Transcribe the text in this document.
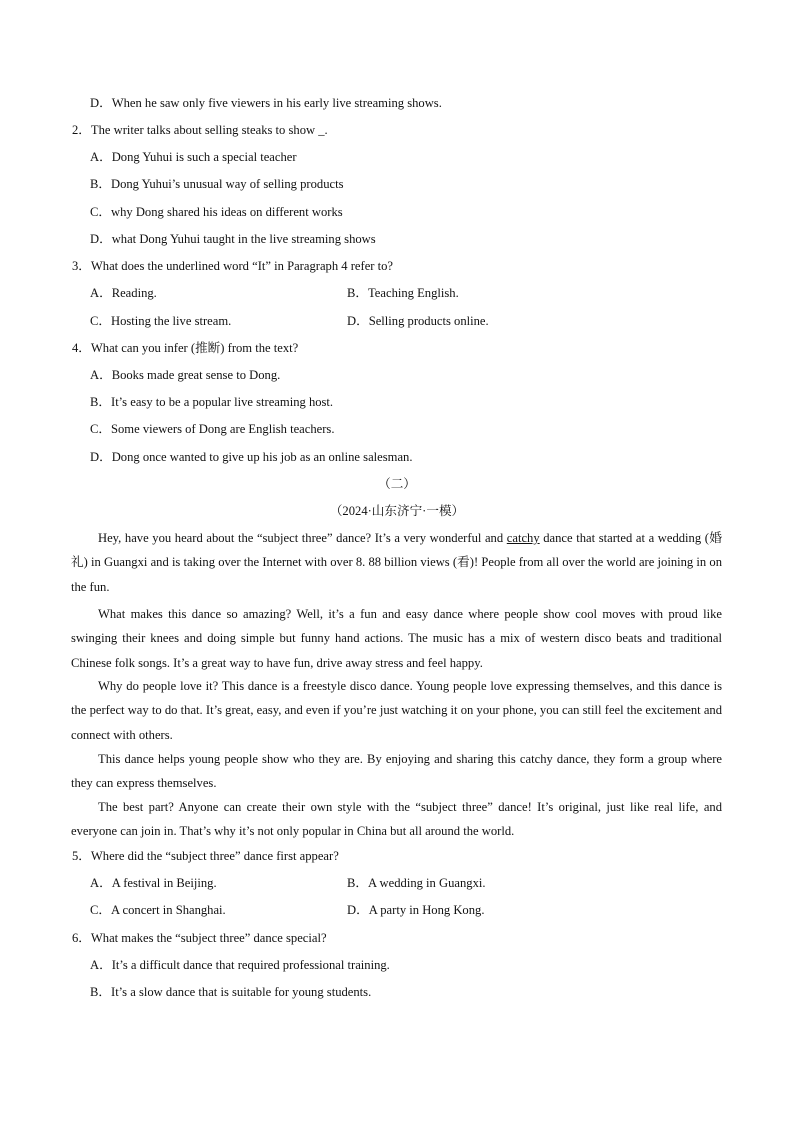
D．When he saw only five viewers in his early live streaming shows.
2．The writer talks about selling steaks to show _.
A．Dong Yuhui is such a special teacher
B．Dong Yuhui’s unusual way of selling products
C．why Dong shared his ideas on different works
D．what Dong Yuhui taught in the live streaming shows
3．What does the underlined word “It” in Paragraph 4 refer to?
A．Reading.	B．Teaching English.
C．Hosting the live stream.	D．Selling products online.
4．What can you infer (推断) from the text?
A．Books made great sense to Dong.
B．It’s easy to be a popular live streaming host.
C．Some viewers of Dong are English teachers.
D．Dong once wanted to give up his job as an online salesman.
（二）
（2024·山东济宁·一模）
Hey, have you heard about the “subject three” dance? It’s a very wonderful and catchy dance that started at a wedding (婚礼) in Guangxi and is taking over the Internet with over 8. 88 billion views (看)! People from all over the world are joining in on the fun.
What makes this dance so amazing? Well, it’s a fun and easy dance where people show cool moves with proud like swinging their knees and doing simple but funny hand actions. The music has a mix of western disco beats and traditional Chinese folk songs. It’s a great way to have fun, drive away stress and feel happy.
Why do people love it? This dance is a freestyle disco dance. Young people love expressing themselves, and this dance is the perfect way to do that. It’s great, easy, and even if you’re just watching it on your phone, you can still feel the excitement and connect with others.
This dance helps young people show who they are. By enjoying and sharing this catchy dance, they form a group where they can express themselves.
The best part? Anyone can create their own style with the “subject three” dance! It’s original, just like real life, and everyone can join in. That’s why it’s not only popular in China but all around the world.
5．Where did the “subject three” dance first appear?
A．A festival in Beijing.	B．A wedding in Guangxi.
C．A concert in Shanghai.	D．A party in Hong Kong.
6．What makes the “subject three” dance special?
A．It’s a difficult dance that required professional training.
B．It’s a slow dance that is suitable for young students.
